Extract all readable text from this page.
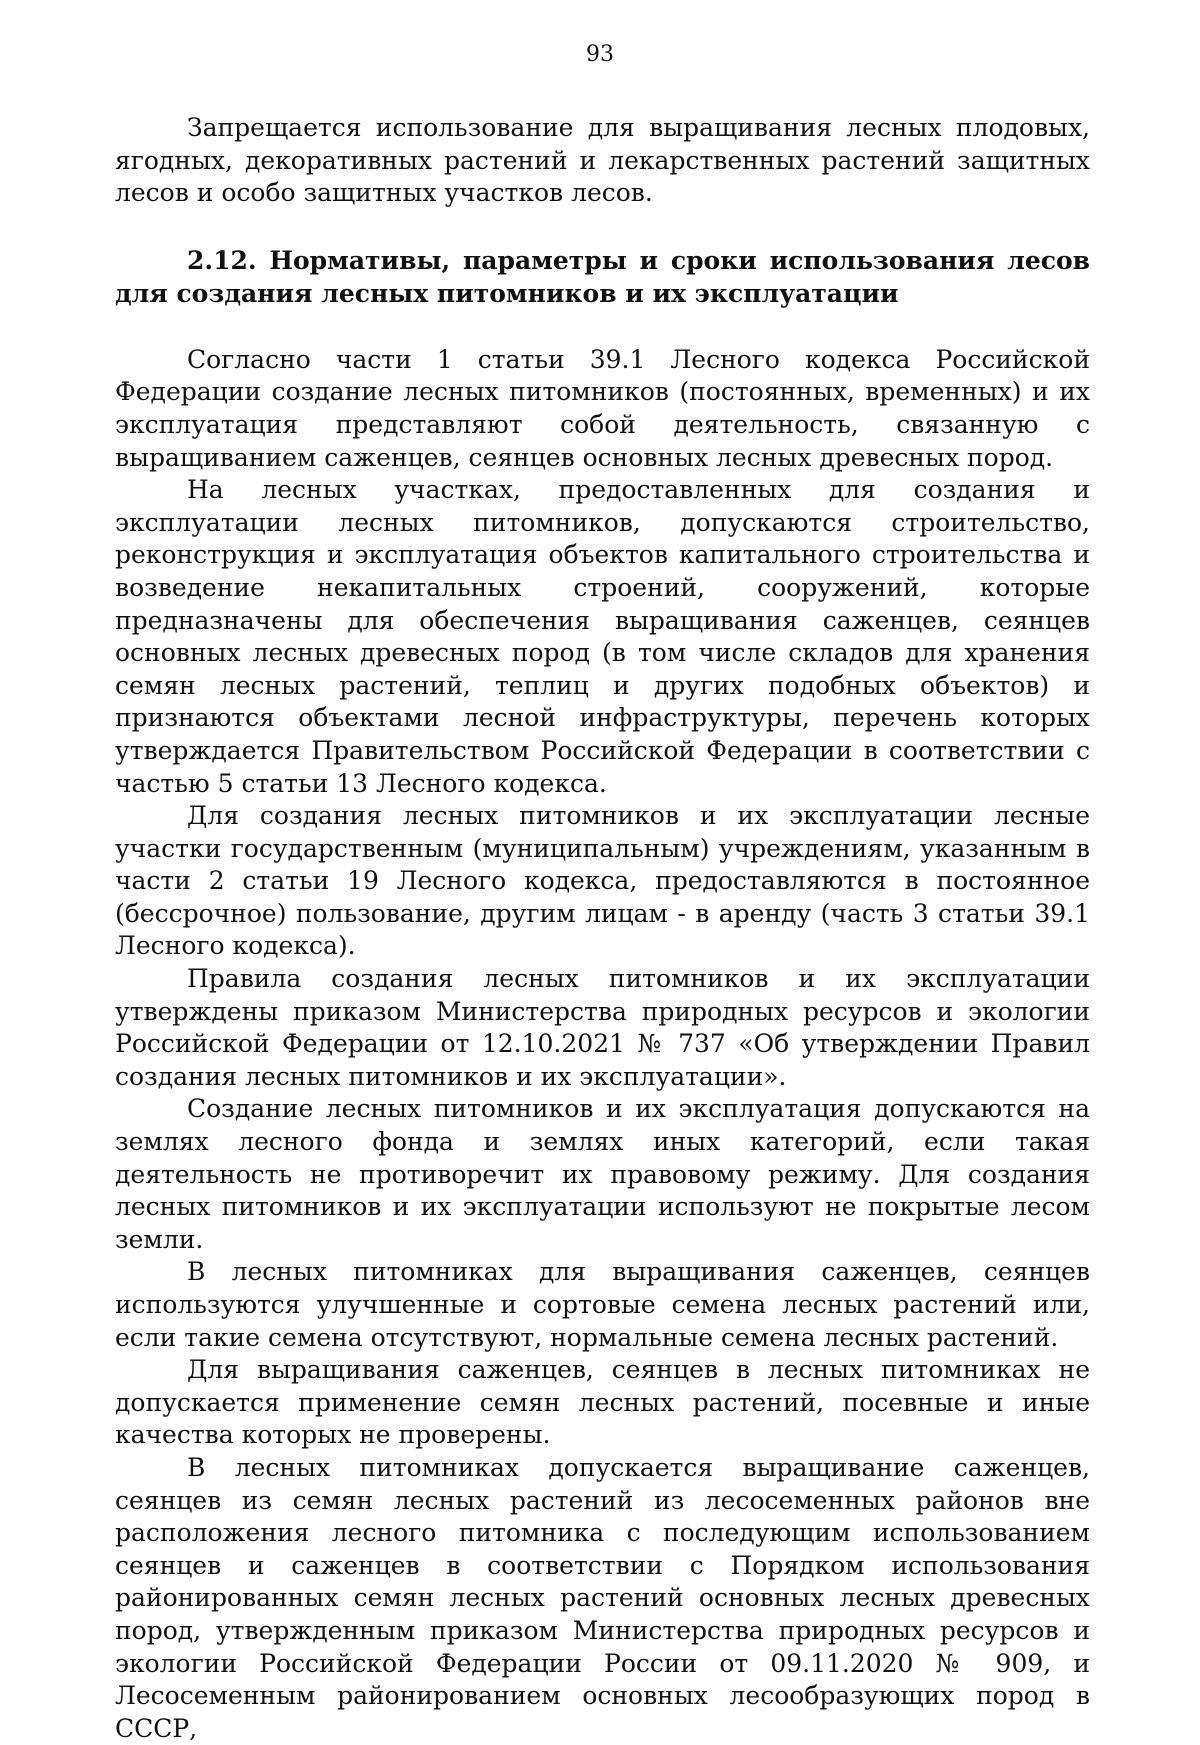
93

Запрещается использование для выращивания лесных плодовых, ягодных, декоративных растений и лекарственных растений защитных лесов и особо защитных участков лесов.

2.12. Нормативы, параметры и сроки использования лесов для создания лесных питомников и их эксплуатации

Согласно части 1 статьи 39.1 Лесного кодекса Российской Федерации создание лесных питомников (постоянных, временных) и их эксплуатация представляют собой деятельность, связанную с выращиванием саженцев, сеянцев основных лесных древесных пород.

На лесных участках, предоставленных для создания и эксплуатации лесных питомников, допускаются строительство, реконструкция и эксплуатация объектов капитального строительства и возведение некапитальных строений, сооружений, которые предназначены для обеспечения выращивания саженцев, сеянцев основных лесных древесных пород (в том числе складов для хранения семян лесных растений, теплиц и других подобных объектов) и признаются объектами лесной инфраструктуры, перечень которых утверждается Правительством Российской Федерации в соответствии с частью 5 статьи 13 Лесного кодекса.

Для создания лесных питомников и их эксплуатации лесные участки государственным (муниципальным) учреждениям, указанным в части 2 статьи 19 Лесного кодекса, предоставляются в постоянное (бессрочное) пользование, другим лицам - в аренду (часть 3 статьи 39.1 Лесного кодекса).

Правила создания лесных питомников и их эксплуатации утверждены приказом Министерства природных ресурсов и экологии Российской Федерации от 12.10.2021 № 737 «Об утверждении Правил создания лесных питомников и их эксплуатации».

Создание лесных питомников и их эксплуатация допускаются на землях лесного фонда и землях иных категорий, если такая деятельность не противоречит их правовому режиму. Для создания лесных питомников и их эксплуатации используют не покрытые лесом земли.

В лесных питомниках для выращивания саженцев, сеянцев используются улучшенные и сортовые семена лесных растений или, если такие семена отсутствуют, нормальные семена лесных растений.

Для выращивания саженцев, сеянцев в лесных питомниках не допускается применение семян лесных растений, посевные и иные качества которых не проверены.

В лесных питомниках допускается выращивание саженцев, сеянцев из семян лесных растений из лесосеменных районов вне расположения лесного питомника с последующим использованием сеянцев и саженцев в соответствии с Порядком использования районированных семян лесных растений основных лесных древесных пород, утвержденным приказом Министерства природных ресурсов и экологии Российской Федерации России от 09.11.2020 № 909, и Лесосеменным районированием основных лесообразующих пород в СССР,
